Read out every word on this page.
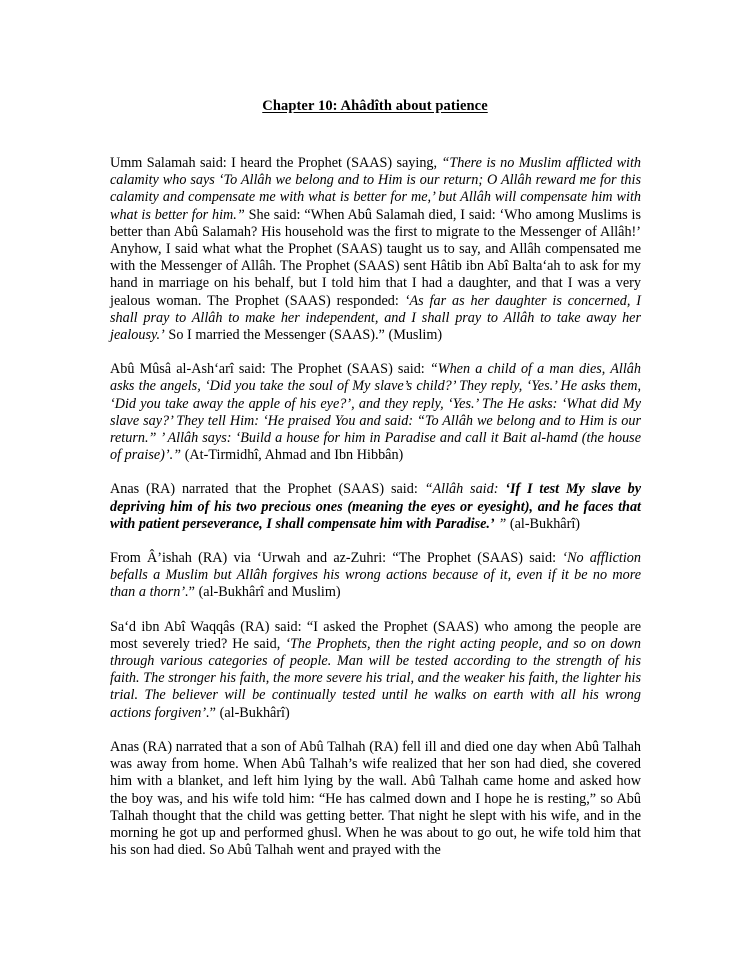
Chapter 10: Ahâdîth about patience

Umm Salamah said: I heard the Prophet (SAAS) saying, “There is no Muslim afflicted with calamity who says ‘To Allâh we belong and to Him is our return; O Allâh reward me for this calamity and compensate me with what is better for me,’ but Allâh will compensate him with what is better for him.” She said: “When Abû Salamah died, I said: ‘Who among Muslims is better than Abû Salamah? His household was the first to migrate to the Messenger of Allâh!’ Anyhow, I said what what the Prophet (SAAS) taught us to say, and Allâh compensated me with the Messenger of Allâh. The Prophet (SAAS) sent Hâtib ibn Abî Balta‘ah to ask for my hand in marriage on his behalf, but I told him that I had a daughter, and that I was a very jealous woman. The Prophet (SAAS) responded: ‘As far as her daughter is concerned, I shall pray to Allâh to make her independent, and I shall pray to Allâh to take away her jealousy.’ So I married the Messenger (SAAS).” (Muslim)

Abû Mûsâ al-Ash‘arî said: The Prophet (SAAS) said: “When a child of a man dies, Allâh asks the angels, ‘Did you take the soul of My slave’s child?’ They reply, ‘Yes.’ He asks them, ‘Did you take away the apple of his eye?’, and they reply, ‘Yes.’ The He asks: ‘What did My slave say?’ They tell Him: ‘He praised You and said: “To Allâh we belong and to Him is our return.” ’ Allâh says: ‘Build a house for him in Paradise and call it Bait al-hamd (the house of praise)’.” (At-Tirmidhî, Ahmad and Ibn Hibbân)

Anas (RA) narrated that the Prophet (SAAS) said: “Allâh said: ‘If I test My slave by depriving him of his two precious ones (meaning the eyes or eyesight), and he faces that with patient perseverance, I shall compensate him with Paradise.’ ” (al-Bukhârî)

From Â’ishah (RA) via ‘Urwah and az-Zuhri: “The Prophet (SAAS) said: ‘No affliction befalls a Muslim but Allâh forgives his wrong actions because of it, even if it be no more than a thorn’.” (al-Bukhârî and Muslim)

Sa‘d ibn Abî Waqqâs (RA) said: “I asked the Prophet (SAAS) who among the people are most severely tried? He said, ‘The Prophets, then the right acting people, and so on down through various categories of people. Man will be tested according to the strength of his faith. The stronger his faith, the more severe his trial, and the weaker his faith, the lighter his trial. The believer will be continually tested until he walks on earth with all his wrong actions forgiven’.” (al-Bukhârî)

Anas (RA) narrated that a son of Abû Talhah (RA) fell ill and died one day when Abû Talhah was away from home. When Abû Talhah’s wife realized that her son had died, she covered him with a blanket, and left him lying by the wall. Abû Talhah came home and asked how the boy was, and his wife told him: “He has calmed down and I hope he is resting,” so Abû Talhah thought that the child was getting better. That night he slept with his wife, and in the morning he got up and performed ghusl. When he was about to go out, he wife told him that his son had died. So Abû Talhah went and prayed with the
